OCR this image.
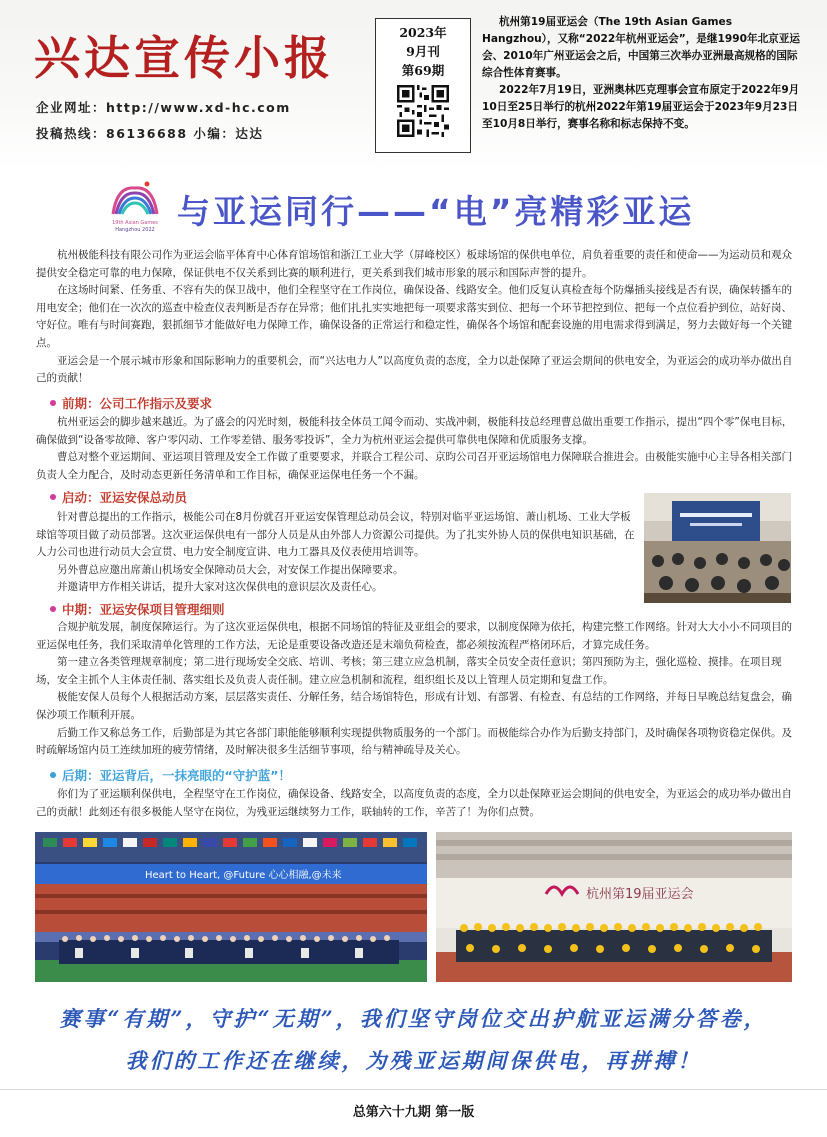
兴达宣传小报
企业网址：http://www.xd-hc.com
投稿热线：86136688 小编：达达
2023年
9月刊
第69期

杭州第19届亚运会（The 19th Asian Games Hangzhou），又称“2022年杭州亚运会”，是继1990年北京亚运会、2010年广州亚运会之后，中国第三次举办亚洲最高规格的国际综合性体育赛事。

2022年7月19日，亚洲奥林匹克理事会宣布原定于2022年9月10日至25日举行的杭州2022年第19届亚运会于2023年9月23日至10月8日举行，赛事名称和标志保持不变。

19th Asian Games
Hangzhou 2022 与亚运同行——“电”亮精彩亚运

杭州极能科技有限公司作为亚运会临平体育中心体育馆场馆和浙江工业大学（屏峰校区）板球场馆的保供电单位，肩负着重要的责任和使命——为运动员和观众提供安全稳定可靠的电力保障，保证供电不仅关系到比赛的顺利进行，更关系到我们城市形象的展示和国际声誉的提升。

在这场时间紧、任务重、不容有失的保卫战中，他们全程坚守在工作岗位，确保设备、线路安全。他们反复认真检查每个防爆插头接线是否有误，确保转播车的用电安全；他们在一次次的巡查中检查仪表判断是否存在异常；他们扎扎实实地把每一项要求落实到位、把每一个环节把控到位、把每一个点位看护到位，站好岗、守好位。唯有与时间赛跑，狠抓细节才能做好电力保障工作，确保设备的正常运行和稳定性，确保各个场馆和配套设施的用电需求得到满足，努力去做好每一个关键点。

亚运会是一个展示城市形象和国际影响力的重要机会，而“兴达电力人”以高度负责的态度，全力以赴保障了亚运会期间的供电安全，为亚运会的成功举办做出自己的贡献！

前期：公司工作指示及要求

杭州亚运会的脚步越来越近。为了盛会的闪光时刻，极能科技全体员工闻令而动、实战冲刺，极能科技总经理曹总做出重要工作指示，提出“四个零”保电目标，确保做到“设备零故障、客户零闪动、工作零差错、服务零投诉”，全力为杭州亚运会提供可靠供电保障和优质服务支撑。

曹总对整个亚运期间、亚运项目管理及安全工作做了重要要求，并联合工程公司、京昀公司召开亚运场馆电力保障联合推进会。由极能实施中心主导各相关部门负责人全力配合，及时动态更新任务清单和工作目标，确保亚运保电任务一个不漏。

启动：亚运安保总动员

针对曹总提出的工作指示，极能公司在8月份就召开亚运安保管理总动员会议，特别对临平亚运场馆、萧山机场、工业大学板球馆等项目做了动员部署。这次亚运保供电有一部分人员是从由外部人力资源公司提供。为了扎实外协人员的保供电知识基础，在人力公司也进行动员大会宣贯、电力安全制度宣讲、电力工器具及仪表使用培训等。

另外曹总应邀出席萧山机场安全保障动员大会，对安保工作提出保障要求。

并邀请甲方作相关讲话，提升大家对这次保供电的意识层次及责任心。

中期：亚运安保项目管理细则

合规护航发展，制度保障运行。为了这次亚运保供电，根据不同场馆的特征及亚组会的要求，以制度保障为依托，构建完整工作网络。针对大大小小不同项目的亚运保电任务，我们采取清单化管理的工作方法，无论是重要设备改造还是末端负荷检查，都必须按流程严格闭环后，才算完成任务。

第一建立各类管理规章制度；第二进行现场安全交底、培训、考核；第三建立应急机制，落实全员安全责任意识；第四预防为主，强化巡检、摸排。在项目现场，安全主抓个人主体责任制、落实组长及负责人责任制。建立应急机制和流程，组织组长及以上管理人员定期和复盘工作。

极能安保人员每个人根据活动方案，层层落实责任、分解任务，结合场馆特色，形成有计划、有部署、有检查、有总结的工作网络，并每日早晚总结复盘会，确保沙项工作顺利开展。

后勤工作又称总务工作，后勤部是为其它各部门职能能够顺利实现提供物质服务的一个部门。而极能综合办作为后勤支持部门，及时确保各项物资稳定保供。及时疏解场馆内员工连续加班的疲劳情绪，及时解决很多生活细节事项，给与精神疏导及关心。

后期：亚运背后，一抹亮眼的“守护蓝”！

你们为了亚运顺利保供电，全程坚守在工作岗位，确保设备、线路安全，以高度负责的态度，全力以赴保障亚运会期间的供电安全，为亚运会的成功举办做出自己的贡献！此刻还有很多极能人坚守在岗位，为残亚运继续努力工作，联轴转的工作，辛苦了！为你们点赞。

Heart to Heart, @Future 心心相融,@未来
杭州第19届亚运会
赛事“有期”，守护“无期”，我们坚守岗位交出护航亚运满分答卷，
我们的工作还在继续，为残亚运期间保供电，再拼搏！
总第六十九期 第一版
